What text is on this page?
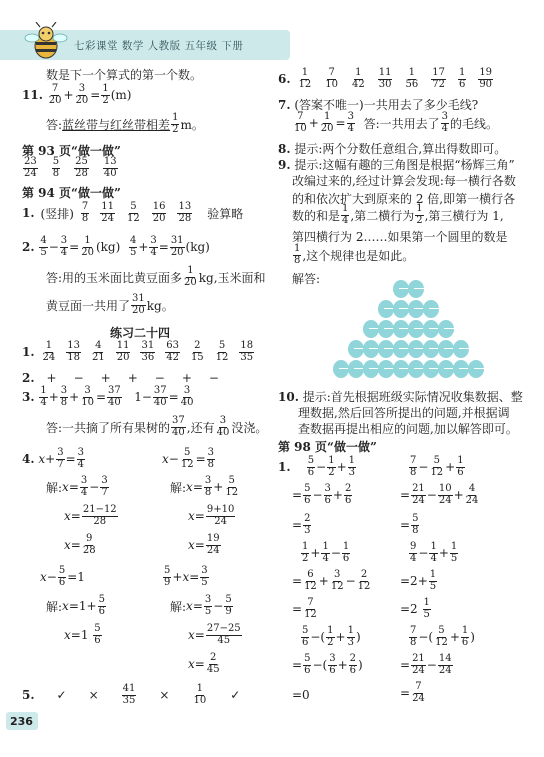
七彩课堂 数学 人教版 五年级 下册
数是下一个算式的第一个数。
11.
7
20 + 3
20 = 1
2 (m)
答: 蓝丝带与红丝带相差 1
2 m。
第 93 页“做一做”
23
24
5
8
25
28
13
40
第 94 页“做一做”
1. (竖排) 7
8
11
24
5
12
16
20
13
28 验算略
2.
4
5 − 3
4 = 1
20 (kg)
4
5 + 3
4 = 31
20 (kg)
答:用的玉米面比黄豆面多 1
20 kg,玉米面和
黄豆面一共用了 31
20 kg。
练习二十四
1. 1
24
13
18
4
21
11
20
31
36
63
42
2
15
5
12
18
35
2. + − + + − + −
3.
1
4 + 3
8 + 3
10 = 37
40 1− 37
40 = 3
40
答:一共摘了所有果树的 37
40 ,还有 3
40 没浇。
4.
x + 3
7 = 3
4
解: x = 3
4 − 3
7
x = 21−12
28
x = 9
28
x − 5
12 = 3
8
解: x = 3
8 + 5
12
x = 9+10
24
x = 19
24
x − 5
6 =1
解: x =1+ 5
6
x =1 5
6
5
9 + x = 3
5
解: x = 3
5 − 5
9
x = 27−25
45
x = 2
45
5. ✓ × $\frac{41}{35} \times \frac{1}{10}$ ✓
236
6. 1
12
7
10
1
42
11
30
1
56
17
72
1
6
19
90
7.
(答案不唯一)一共用去了多少毛线?
7
10 + 1
20 = 3
4
答:一共用去了 3
4 的毛线。
8.
提示:两个分数任意组合,算出得数即可。
9.
提示:这幅有趣的三角图是根据“杨辉三角”
改编过来的,经过计算会发现:每一横行各数
的和依次扩大到原来的 2 倍,即第一横行各
数的和是 1
4 ,第二横行为 1
2 ,第三横行为 1,
第四横行为 2……如果第一个圆里的数是
1
8 ,这个规律也是如此。
解答:
10.
提示:首先根据班级实际情况收集数据、整
理数据,然后回答所提出的问题,并根据调
查数据再提出相应的问题,加以解答即可。
第 98 页“做一做”
1.
5
6 − 1
2 + 1
3
= 5
6 − 3
6 + 2
6
= 2
3
1
2 + 1
4 − 1
6
= 6
12 + 3
12 − 2
12
= 7
12
5
6 −( 1
2 + 1
3 )
= 5
6 −( 3
6 + 2
6 )
=0
7
8 − 5
12 + 1
6
= 21
24 − 10
24 + 4
24
= 5
8
9
4 − 1
4 + 1
5
=2+ 1
5
=2 1
5
7
8 −( 5
12 + 1
6 )
= 21
24 − 14
24
= 7
24
